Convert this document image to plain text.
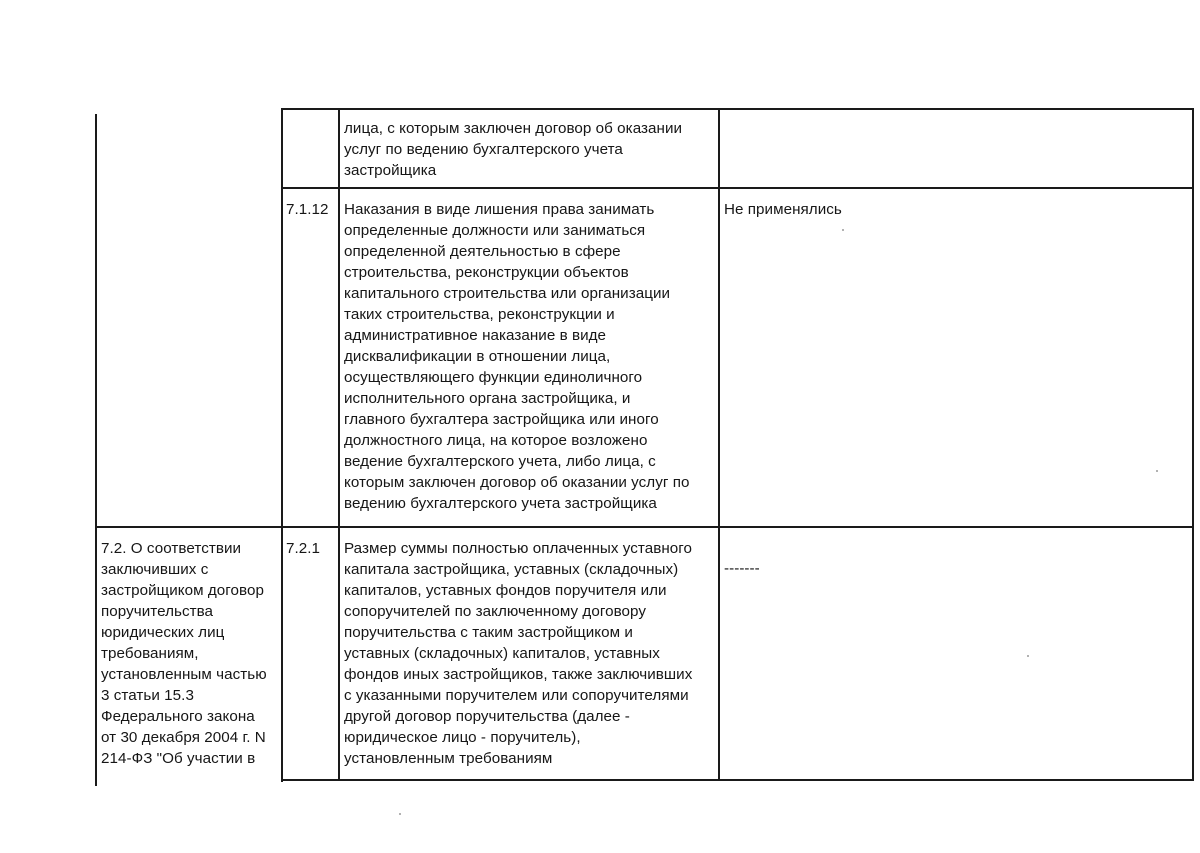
лица, с которым заключен договор об оказании
услуг по ведению бухгалтерского учета
застройщика
7.1.12	Наказания в виде лишения права занимать
определенные должности или заниматься
определенной деятельностью в сфере
строительства, реконструкции объектов
капитального строительства или организации
таких строительства, реконструкции и
административное наказание в виде
дисквалификации в отношении лица,
осуществляющего функции единоличного
исполнительного органа застройщика, и
главного бухгалтера застройщика или иного
должностного лица, на которое возложено
ведение бухгалтерского учета, либо лица, с
которым заключен договор об оказании услуг по
ведению бухгалтерского учета застройщика
Не применялись
7.2. О соответствии
заключивших с
застройщиком договор
поручительства
юридических лиц
требованиям,
установленным частью
3 статьи 15.3
Федерального закона
от 30 декабря 2004 г. N
214-ФЗ "Об участии в
7.2.1	Размер суммы полностью оплаченных уставного
капитала застройщика, уставных (складочных)
капиталов, уставных фондов поручителя или
сопоручителей по заключенному договору
поручительства с таким застройщиком и
уставных (складочных) капиталов, уставных
фондов иных застройщиков, также заключивших
с указанными поручителем или сопоручителями
другой договор поручительства (далее -
юридическое лицо - поручитель),
установленным требованиям
-------
